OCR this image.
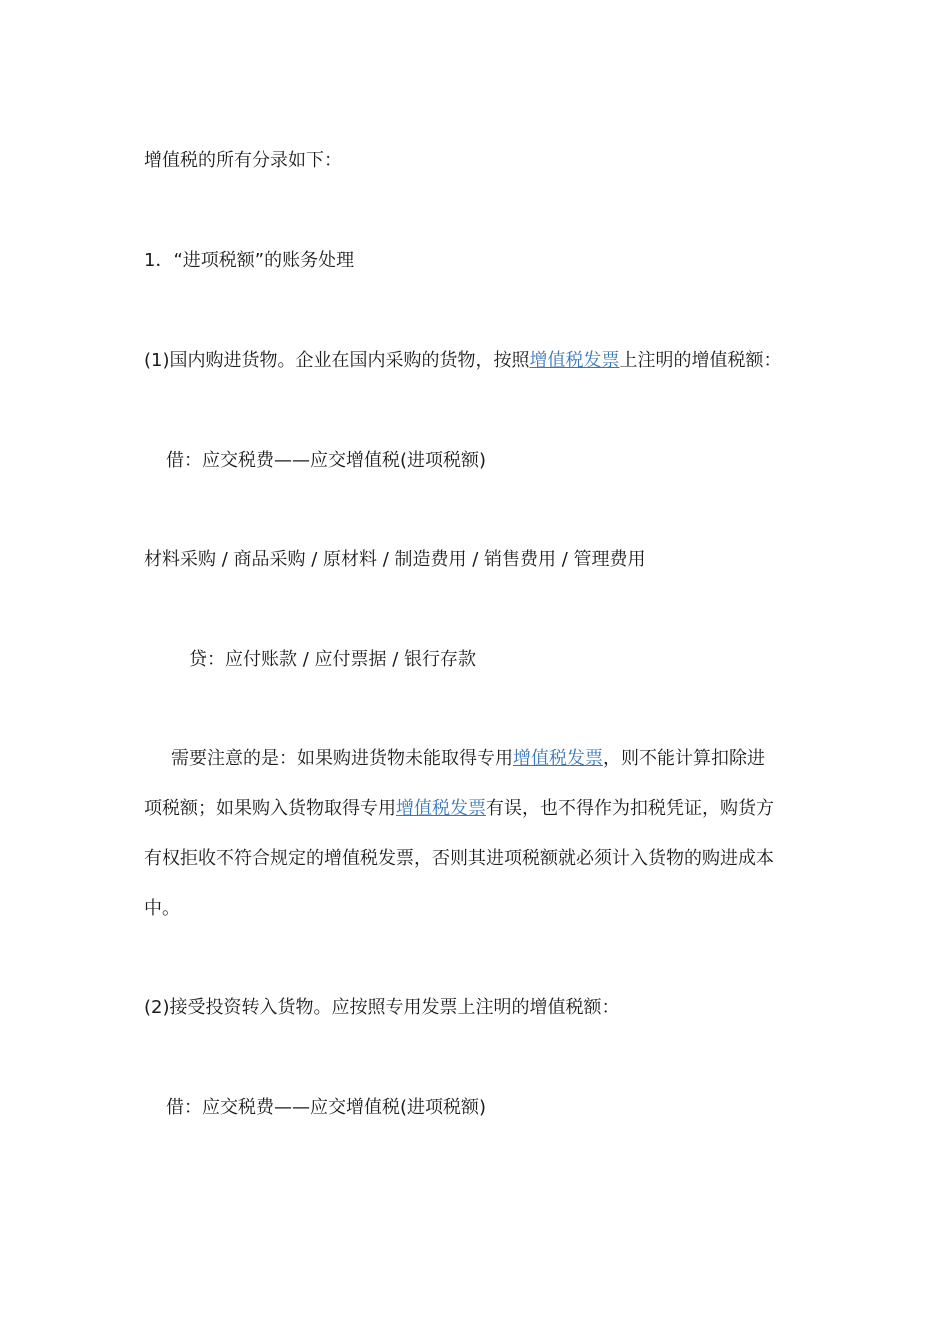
增值税的所有分录如下：
1．“进项税额”的账务处理
(1)国内购进货物。企业在国内采购的货物，按照增值税发票上注明的增值税额：
借：应交税费——应交增值税(进项税额)
材料采购 / 商品采购 / 原材料 / 制造费用 / 销售费用 / 管理费用
贷：应付账款 / 应付票据 / 银行存款
需要注意的是：如果购进货物未能取得专用增值税发票，则不能计算扣除进
项税额；如果购入货物取得专用增值税发票有误，也不得作为扣税凭证，购货方
有权拒收不符合规定的增值税发票，否则其进项税额就必须计入货物的购进成本
中。
(2)接受投资转入货物。应按照专用发票上注明的增值税额：
借：应交税费——应交增值税(进项税额)
